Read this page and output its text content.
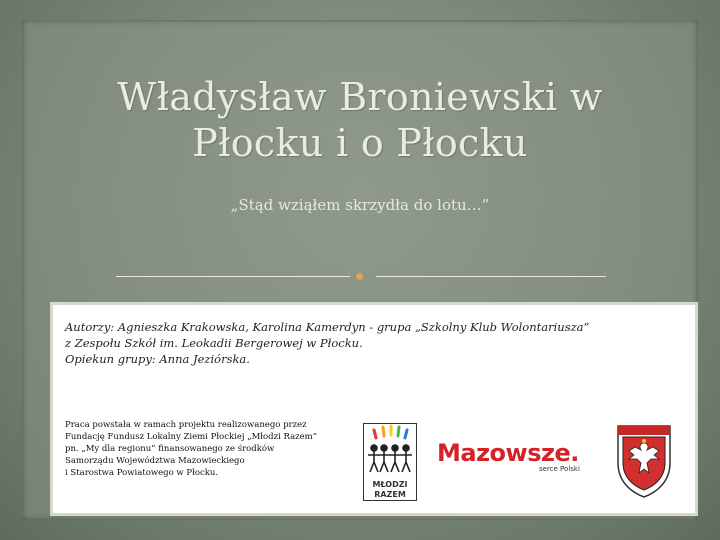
Władysław Broniewski w
Płocku i o Płocku
„Stąd wziąłem skrzydła do lotu…”
Autorzy: Agnieszka Krakowska, Karolina Kamerdyn - grupa „Szkolny Klub Wolontariusza”
z Zespołu Szkół im. Leokadii Bergerowej w Płocku.
Opiekun grupy: Anna Jeziórska.
Praca powstała w ramach projektu realizowanego przez
Fundację Fundusz Lokalny Ziemi Płockiej „Młodzi Razem”
pn. „My dla regionu” finansowanego ze środków
Samorządu Województwa Mazowieckiego
i Starostwa Powiatowego w Płocku.
MŁODZI
RAZEM
Mazowsze.
serce Polski
